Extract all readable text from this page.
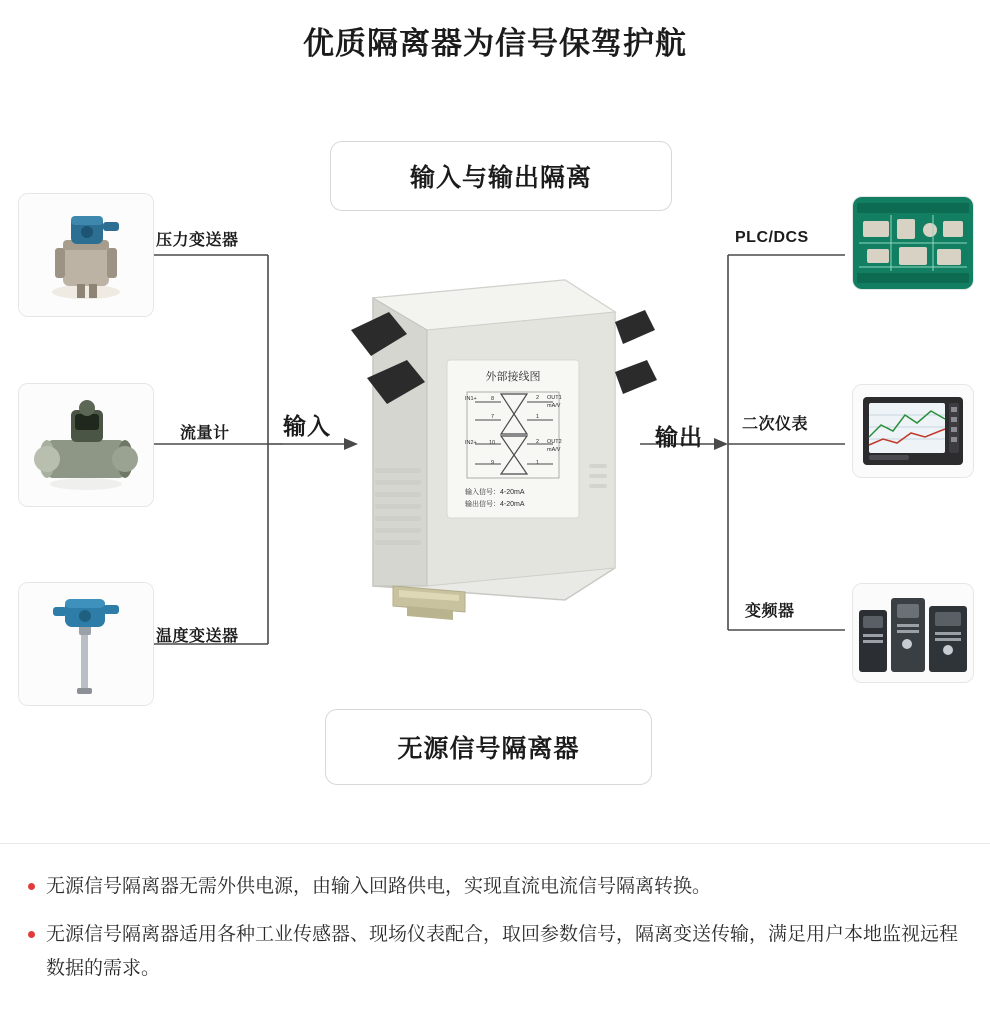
优质隔离器为信号保驾护航
输入与输出隔离
无源信号隔离器
压力变送器
流量计
温度变送器
PLC/DCS
二次仪表
变频器
输入	输出
外部接线图
IN1+	8	2 OUT1
mA/V
7	1
IN2+ 10	2 OUT2
mA/V
9	1
输入信号：4-20mA
输出信号：4-20mA
无源信号隔离器无需外供电源，由输入回路供电，实现直流电流信号隔离转换。
无源信号隔离器适用各种工业传感器、现场仪表配合，取回参数信号，隔离变送传输，满足用户本地监视远程数据的需求。
